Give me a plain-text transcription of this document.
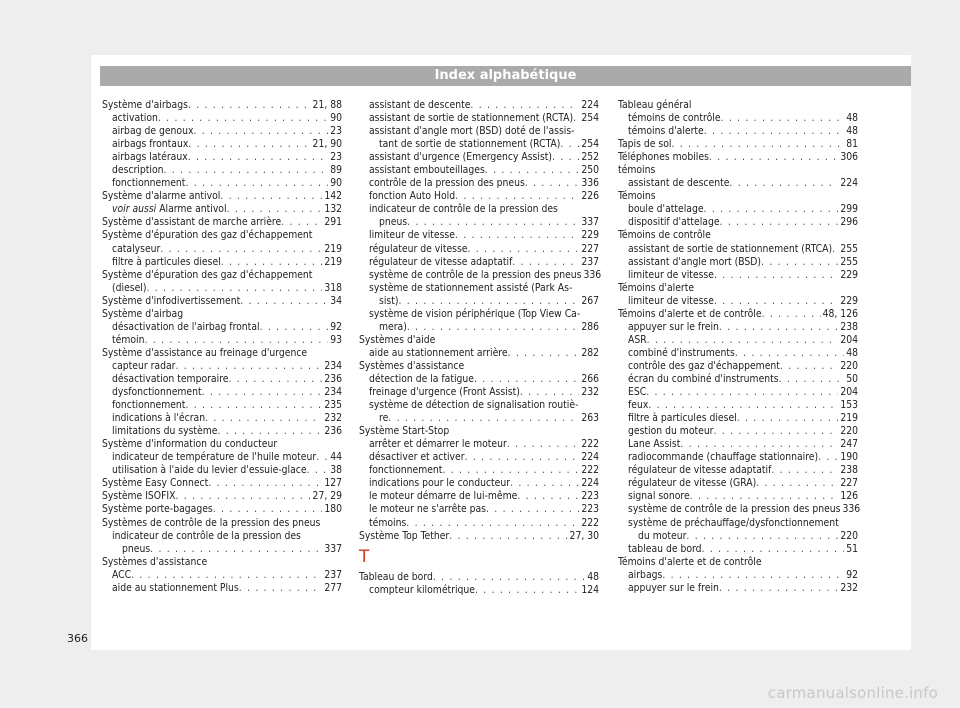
Index alphabétique
Système d'airbags . . .	21, 88
activation . . .	90
airbag de genoux . . .	23
airbags frontaux . . .	21, 90
airbags latéraux . . .	23
description . . .	89
fonctionnement . . .	90
Système d'alarme antivol . . .	142
voir aussi Alarme antivol . . .	132
Système d'assistant de marche arrière . . .	291
Système d'épuration des gaz d'échappement
catalyseur . . .	219
filtre à particules diesel . . .	219
Système d'épuration des gaz d'échappement
(diesel) . . .	318
Système d'infodivertissement . . .	34
Système d'airbag
désactivation de l'airbag frontal . . .	92
témoin . . .	93
Système d'assistance au freinage d'urgence
capteur radar . . .	234
désactivation temporaire . . .	236
dysfonctionnement . . .	234
fonctionnement . . .	235
indications à l'écran . . .	232
limitations du système . . .	236
Système d'information du conducteur
indicateur de température de l'huile moteur . . . 44
utilisation à l'aide du levier d'essuie-glace . . . 38
Système Easy Connect . . .	127
Système ISOFIX . . .	27, 29
Système porte-bagages . . .	180
Systèmes de contrôle de la pression des pneus
indicateur de contrôle de la pression des
pneus . . .	337
Systèmes d'assistance
ACC . . .	237
aide au stationnement Plus . . .	277
assistant de descente . . .	224
assistant de sortie de stationnement (RCTA) . . . 254
assistant d'angle mort (BSD) doté de l'assis-
tant de sortie de stationnement (RCTA) . . . 254
assistant d'urgence (Emergency Assist) . . .	252
assistant embouteillages . . .	250
contrôle de la pression des pneus . . .	336
fonction Auto Hold . . .	226
indicateur de contrôle de la pression des
pneus . . .	337
limiteur de vitesse . . .	229
régulateur de vitesse . . .	227
régulateur de vitesse adaptatif . . .	237
système de contrôle de la pression des pneus 336
système de stationnement assisté (Park As-
sist) . . .	267
système de vision périphérique (Top View Ca-
mera) . . .	286
Systèmes d'aide
aide au stationnement arrière . . .	282
Systèmes d'assistance
détection de la fatigue . . .	266
freinage d'urgence (Front Assist) . . .	232
système de détection de signalisation routiè-
re . . .	263
Système Start-Stop
arrêter et démarrer le moteur . . .	222
désactiver et activer . . .	224
fonctionnement . . .	222
indications pour le conducteur . . .	224
le moteur démarre de lui-même . . .	223
le moteur ne s'arrête pas . . .	223
témoins . . .	222
Système Top Tether . . .	27, 30
T
Tableau de bord . . .	48
compteur kilométrique . . .	124
Tableau général
témoins de contrôle . . .	48
témoins d'alerte . . .	48
Tapis de sol . . .	81
Téléphones mobiles . . .	306
témoins
assistant de descente . . .	224
Témoins
boule d'attelage . . .	299
dispositif d'attelage . . .	296
Témoins de contrôle
assistant de sortie de stationnement (RTCA) . . . 255
assistant d'angle mort (BSD) . . .	255
limiteur de vitesse . . .	229
Témoins d'alerte
limiteur de vitesse . . .	229
Témoins d'alerte et de contrôle . . .	48, 126
appuyer sur le frein . . .	238
ASR . . .	204
combiné d'instruments . . .	48
contrôle des gaz d'échappement . . .	220
écran du combiné d'instruments . . .	50
ESC . . .	204
feux . . .	153
filtre à particules diesel . . .	219
gestion du moteur . . .	220
Lane Assist . . .	247
radiocommande (chauffage stationnaire) . . . 190
régulateur de vitesse adaptatif . . .	238
régulateur de vitesse (GRA) . . .	227
signal sonore . . .	126
système de contrôle de la pression des pneus 336
système de préchauffage/dysfonctionnement
du moteur . . .	220
tableau de bord . . .	51
Témoins d'alerte et de contrôle
airbags . . .	92
appuyer sur le frein . . .	232
366
carmanualsonline.info
